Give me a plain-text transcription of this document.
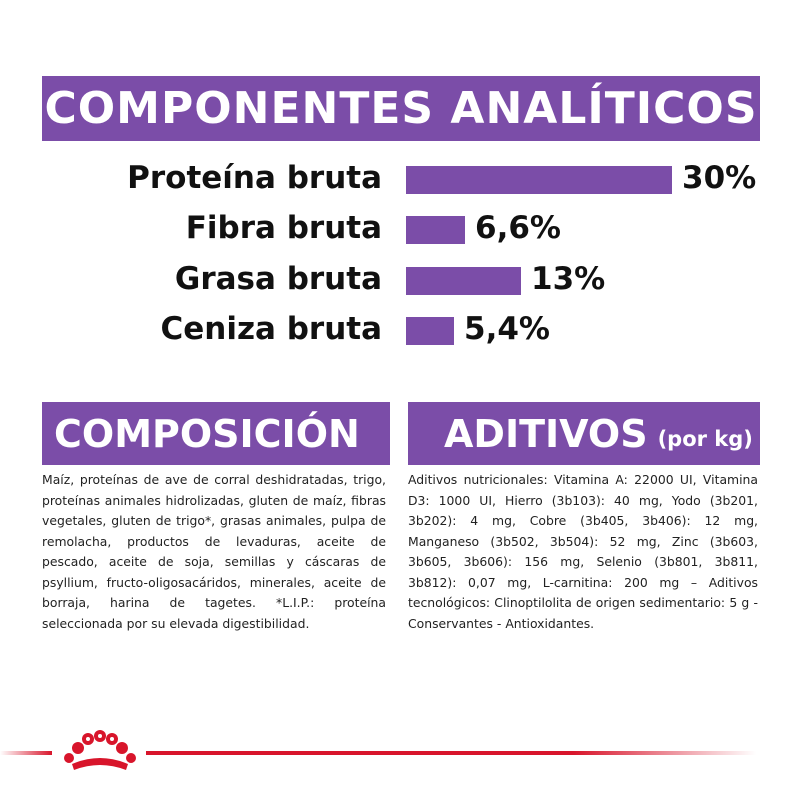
COMPONENTES ANALÍTICOS
Proteína bruta	30%
Fibra bruta	6,6%
Grasa bruta	13%
Ceniza bruta	5,4%
COMPOSICIÓN

Maíz, proteínas de ave de corral deshidratadas, trigo, proteínas animales hidrolizadas, gluten de maíz, fibras vegetales, gluten de trigo*, grasas animales, pulpa de remolacha, productos de levaduras, aceite de pescado, aceite de soja, semillas y cáscaras de psyllium, fructo-oligosacáridos, minerales, aceite de borraja, harina de tagetes. *L.I.P.: proteína seleccionada por su elevada digestibilidad.

ADITIVOS (por kg)

Aditivos nutricionales: Vitamina A: 22000 UI, Vitamina D3: 1000 UI, Hierro (3b103): 40 mg, Yodo (3b201, 3b202): 4 mg, Cobre (3b405, 3b406): 12 mg, Manganeso (3b502, 3b504): 52 mg, Zinc (3b603, 3b605, 3b606): 156 mg, Selenio (3b801, 3b811, 3b812): 0,07 mg, L-carnitina: 200 mg – Aditivos tecnológicos: Clinoptilolita de origen sedimentario: 5 g - Conservantes - Antioxidantes.
